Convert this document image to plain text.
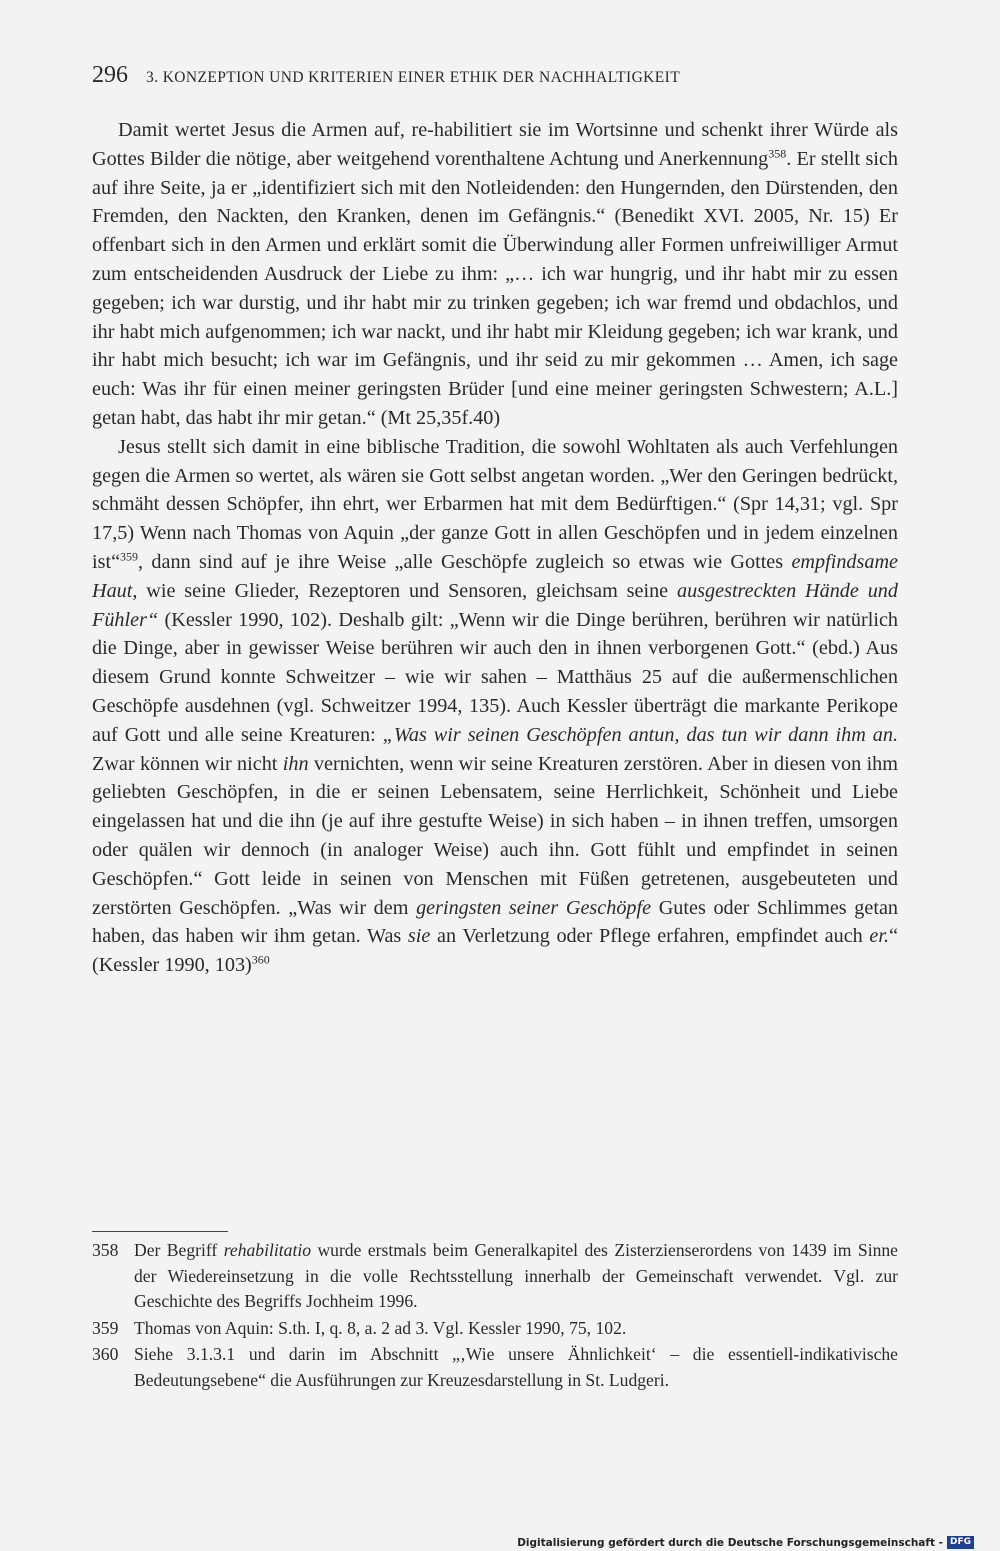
296 3. KONZEPTION UND KRITERIEN EINER ETHIK DER NACHHALTIGKEIT

Damit wertet Jesus die Armen auf, re-habilitiert sie im Wortsinne und schenkt ihrer Würde als Gottes Bilder die nötige, aber weitgehend vorenthaltene Achtung und Anerkennung$^{358}$. Er stellt sich auf ihre Seite, ja er „identifiziert sich mit den Notleidenden: den Hungernden, den Dürstenden, den Fremden, den Nackten, den Kranken, denen im Gefängnis.“ (Benedikt XVI. 2005, Nr. 15) Er offenbart sich in den Armen und erklärt somit die Überwindung aller Formen unfreiwilliger Armut zum entscheidenden Ausdruck der Liebe zu ihm: „… ich war hungrig, und ihr habt mir zu essen gegeben; ich war durstig, und ihr habt mir zu trinken gegeben; ich war fremd und obdachlos, und ihr habt mich aufgenommen; ich war nackt, und ihr habt mir Kleidung gegeben; ich war krank, und ihr habt mich besucht; ich war im Gefängnis, und ihr seid zu mir gekommen … Amen, ich sage euch: Was ihr für einen meiner geringsten Brüder [und eine meiner geringsten Schwestern; A.L.] getan habt, das habt ihr mir getan.“ (Mt 25,35f.40)

Jesus stellt sich damit in eine biblische Tradition, die sowohl Wohltaten als auch Verfehlungen gegen die Armen so wertet, als wären sie Gott selbst angetan worden. „Wer den Geringen bedrückt, schmäht dessen Schöpfer, ihn ehrt, wer Erbarmen hat mit dem Bedürftigen.“ (Spr 14,31; vgl. Spr 17,5) Wenn nach Thomas von Aquin „der ganze Gott in allen Geschöpfen und in jedem einzelnen ist“$^{359}$, dann sind auf je ihre Weise „alle Geschöpfe zugleich so etwas wie Gottes empfindsame Haut, wie seine Glieder, Rezeptoren und Sensoren, gleichsam seine ausgestreckten Hände und Fühler“ (Kessler 1990, 102). Deshalb gilt: „Wenn wir die Dinge berühren, berühren wir natürlich die Dinge, aber in gewisser Weise berühren wir auch den in ihnen verborgenen Gott.“ (ebd.) Aus diesem Grund konnte Schweitzer – wie wir sahen – Matthäus 25 auf die außermenschlichen Geschöpfe ausdehnen (vgl. Schweitzer 1994, 135). Auch Kessler überträgt die markante Perikope auf Gott und alle seine Kreaturen: „Was wir seinen Geschöpfen antun, das tun wir dann ihm an. Zwar können wir nicht ihn vernichten, wenn wir seine Kreaturen zerstören. Aber in diesen von ihm geliebten Geschöpfen, in die er seinen Lebensatem, seine Herrlichkeit, Schönheit und Liebe eingelassen hat und die ihn (je auf ihre gestufte Weise) in sich haben – in ihnen treffen, umsorgen oder quälen wir dennoch (in analoger Weise) auch ihn. Gott fühlt und empfindet in seinen Geschöpfen.“ Gott leide in seinen von Menschen mit Füßen getretenen, ausgebeuteten und zerstörten Geschöpfen. „Was wir dem geringsten seiner Geschöpfe Gutes oder Schlimmes getan haben, das haben wir ihm getan. Was sie an Verletzung oder Pflege erfahren, empfindet auch er.“ (Kessler 1990, 103)$^{360}$

358 Der Begriff rehabilitatio wurde erstmals beim Generalkapitel des Zisterzienserordens von 1439 im Sinne der Wiedereinsetzung in die volle Rechtsstellung innerhalb der Gemeinschaft verwendet. Vgl. zur Geschichte des Begriffs Jochheim 1996.
359 Thomas von Aquin: S.th. I, q. 8, a. 2 ad 3. Vgl. Kessler 1990, 75, 102.
360 Siehe 3.1.3.1 und darin im Abschnitt „‚Wie unsere Ähnlichkeit‘ – die essentiell-indikativische Bedeutungsebene“ die Ausführungen zur Kreuzesdarstellung in St. Ludgeri.
Digitalisierung gefördert durch die Deutsche Forschungsgemeinschaft - DFG
